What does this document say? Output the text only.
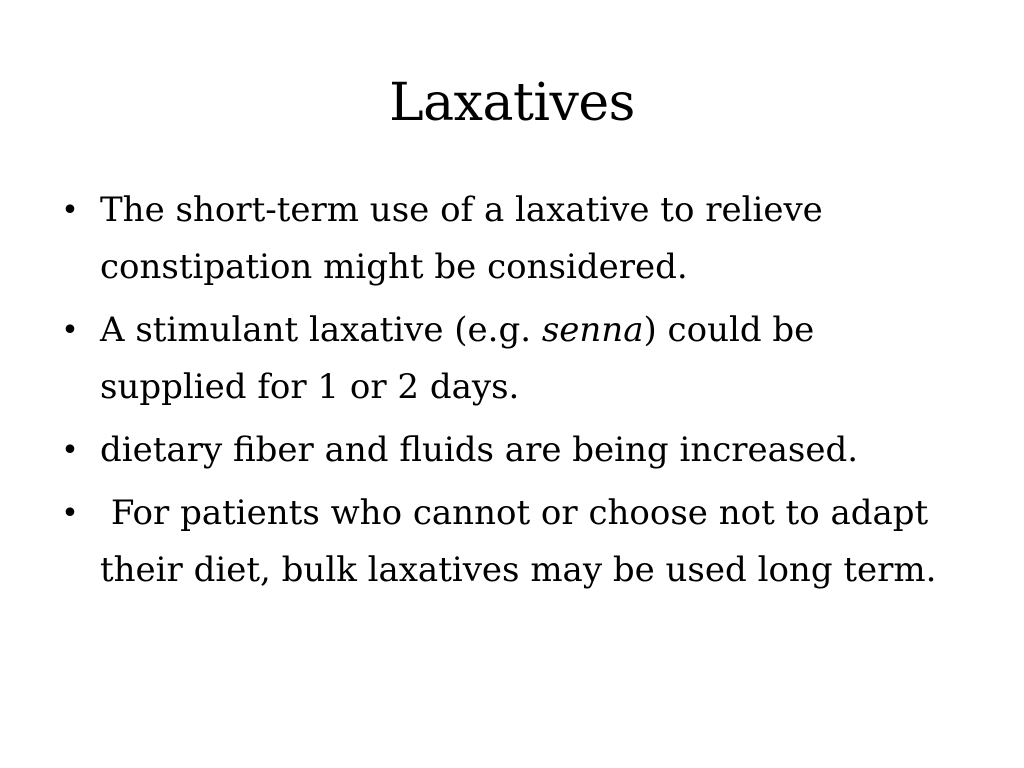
Laxatives
• The short-term use of a laxative to relieve constipation might be considered.
• A stimulant laxative (e.g. senna) could be supplied for 1 or 2 days.
• dietary fiber and fluids are being increased.
• For patients who cannot or choose not to adapt their diet, bulk laxatives may be used long term.
